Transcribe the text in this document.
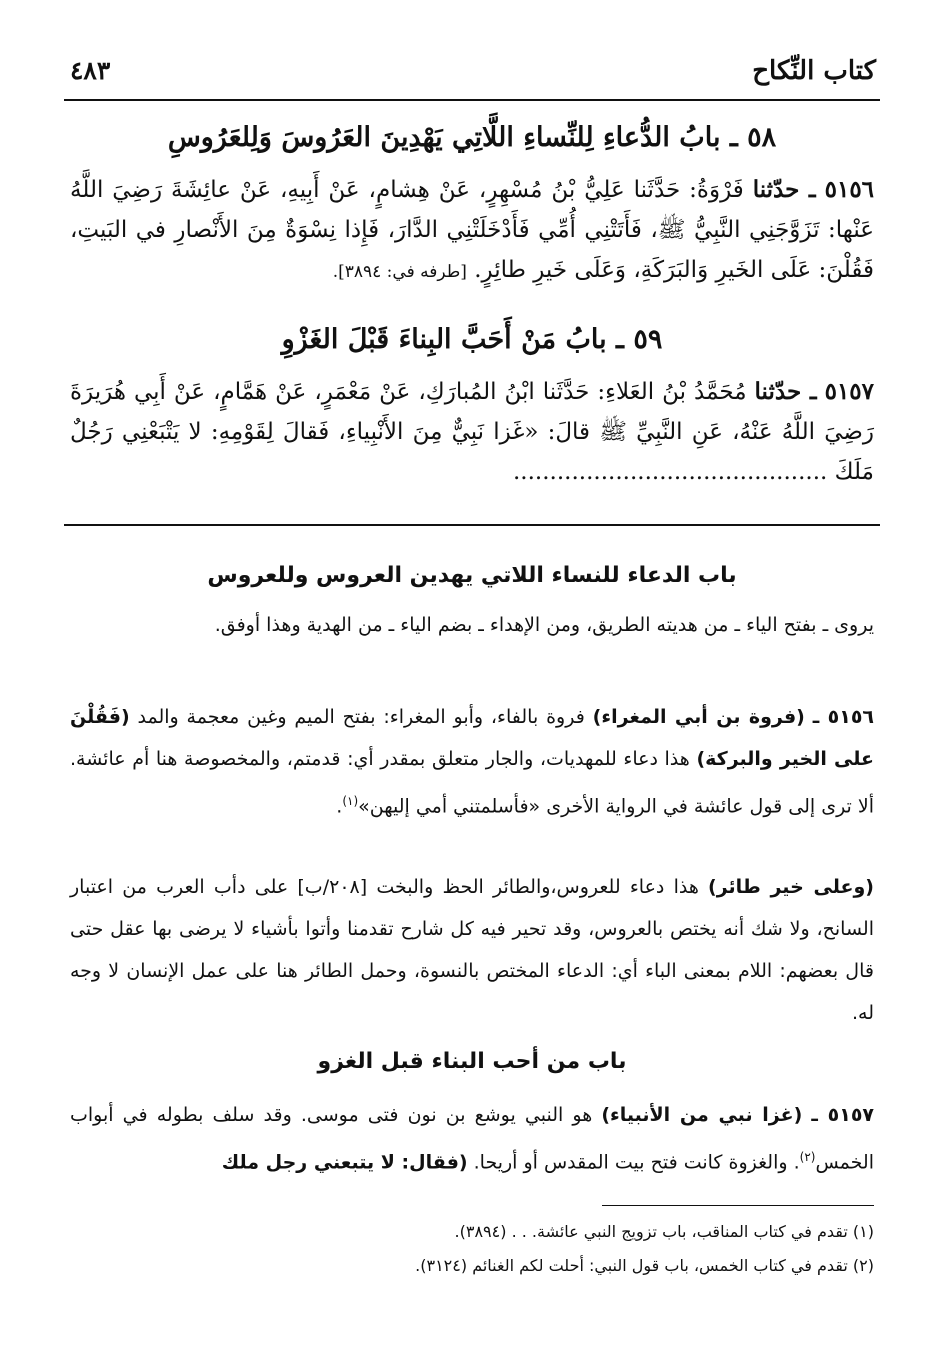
كتاب النِّكاح
٤٨٣
٥٨ ـ بابُ الدُّعاءِ لِلنِّساءِ اللَّاتِي يَهْدِينَ العَرُوسَ وَلِلعَرُوسِ
٥١٥٦ ـ حدّثنا فَرْوَةُ: حَدَّثَنا عَلِيُّ بْنُ مُسْهِرٍ، عَنْ هِشامٍ، عَنْ أَبِيهِ، عَنْ عائِشَةَ رَضِيَ اللَّهُ عَنْها: تَزَوَّجَنِي النَّبِيُّ ﷺ، فَأَتَتْنِي أُمِّي فَأَدْخَلَتْنِي الدَّارَ، فَإِذا نِسْوَةٌ مِنَ الأَنْصارِ في البَيتِ، فَقُلْنَ: عَلَى الخَيرِ وَالبَرَكَةِ، وَعَلَى خَيرِ طائِرٍ. [طرفه في: ٣٨٩٤].
٥٩ ـ بابُ مَنْ أَحَبَّ البِناءَ قَبْلَ الغَزْوِ
٥١٥٧ ـ حدّثنا مُحَمَّدُ بْنُ العَلاءِ: حَدَّثَنا ابْنُ المُبارَكِ، عَنْ مَعْمَرٍ، عَنْ هَمَّامٍ، عَنْ أَبِي هُرَيرَةَ رَضِيَ اللَّهُ عَنْهُ، عَنِ النَّبِيِّ ﷺ قالَ: «غَزا نَبِيٌّ مِنَ الأَنْبِياءِ، فَقالَ لِقَوْمِهِ: لا يَتْبَعْنِي رَجُلٌ مَلَكَ ...........................................
باب الدعاء للنساء اللاتي يهدين العروس وللعروس
يروى ـ بفتح الياء ـ من هديته الطريق، ومن الإهداء ـ بضم الياء ـ من الهدية وهذا أوفق.
٥١٥٦ ـ (فروة بن أبي المغراء) فروة بالفاء، وأبو المغراء: بفتح الميم وغين معجمة والمد (فَقُلْنَ على الخير والبركة) هذا دعاء للمهديات، والجار متعلق بمقدر أي: قدمتم، والمخصوصة هنا أم عائشة. ألا ترى إلى قول عائشة في الرواية الأخرى «فأسلمتني أمي إليهن»$^{(١)}$.
(وعلى خير طائر) هذا دعاء للعروس،والطائر الحظ والبخت [٢٠٨/ب] على دأب العرب من اعتبار السانح، ولا شك أنه يختص بالعروس، وقد تحير فيه كل شارح تقدمنا وأتوا بأشياء لا يرضى بها عقل حتى قال بعضهم: اللام بمعنى الباء أي: الدعاء المختص بالنسوة، وحمل الطائر هنا على عمل الإنسان لا وجه له.
باب من أحب البناء قبل الغزو
٥١٥٧ ـ (غزا نبي من الأنبياء) هو النبي يوشع بن نون فتى موسى. وقد سلف بطوله في أبواب الخمس$^{(٢)}$. والغزوة كانت فتح بيت المقدس أو أريحا. (فقال: لا يتبعني رجل ملك
(١) تقدم في كتاب المناقب، باب تزويج النبي عائشة. . . (٣٨٩٤).
(٢) تقدم في كتاب الخمس، باب قول النبي: أحلت لكم الغنائم (٣١٢٤).
